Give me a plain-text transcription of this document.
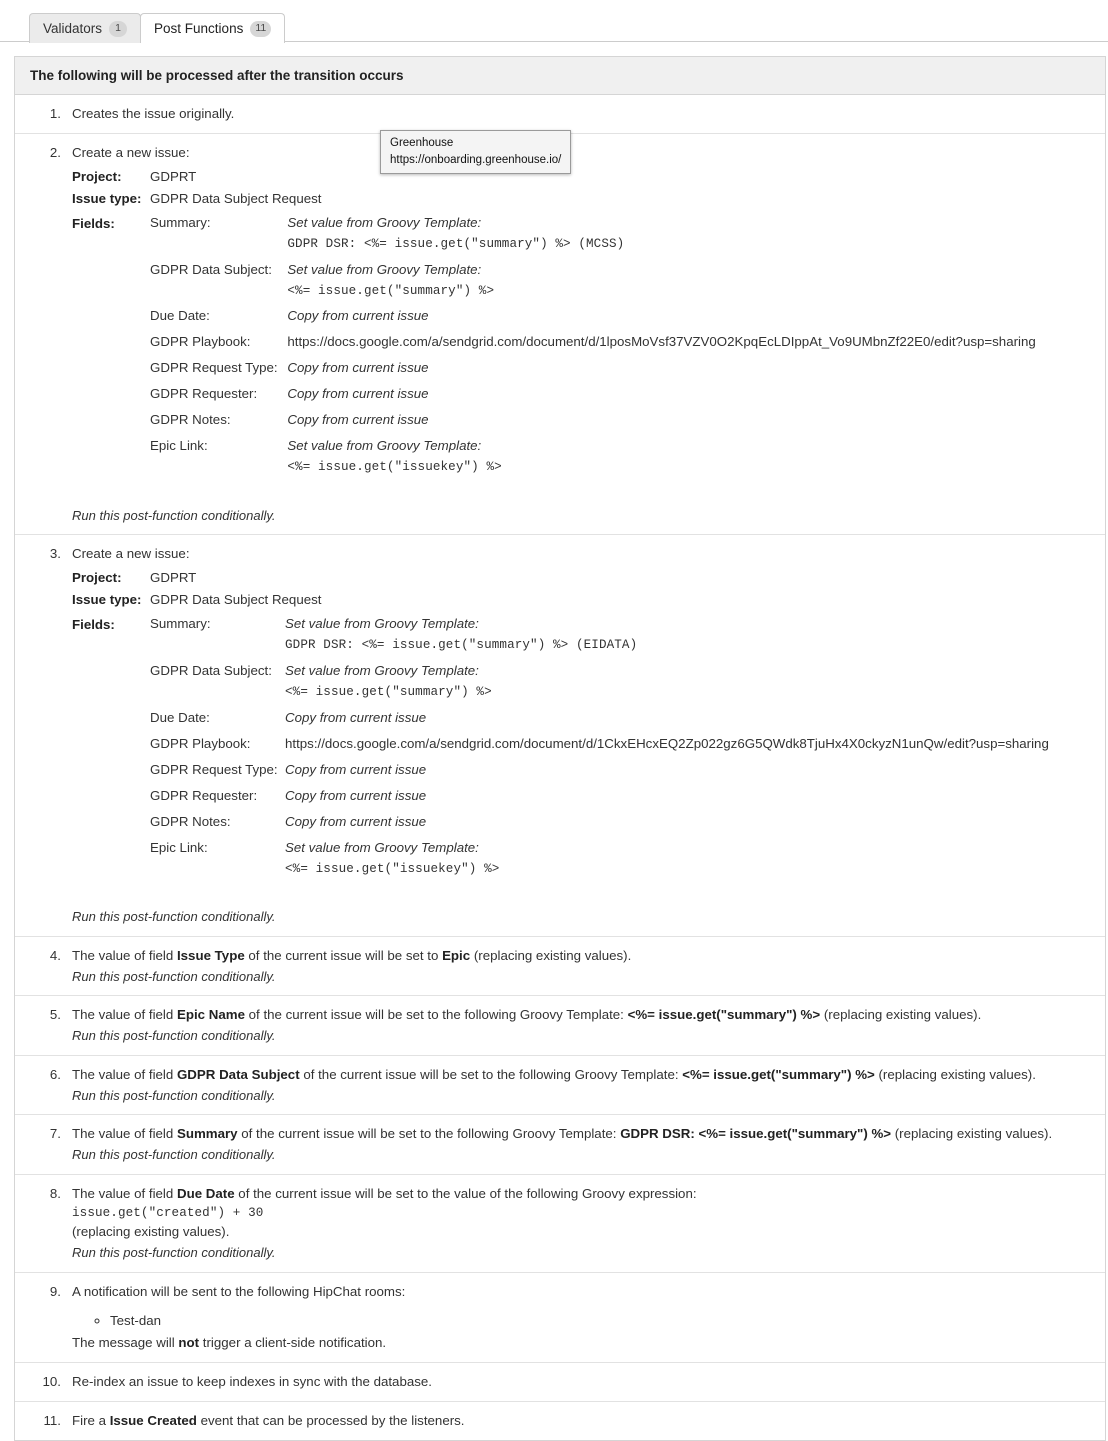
Validators	1	Post Functions	11
The following will be processed after the transition occurs
Creates the issue originally.
Create a new issue:
Project:	GDPRT
Issue type: GDPR Data Subject Request
Fields:	Summary:	Set value from Groovy Template:
GDPR DSR: <%= issue.get("summary") %> (MCSS)

GDPR Data Subject:	Set value from Groovy Template:
<%= issue.get("summary") %>

Due Date:	Copy from current issue
GDPR Playbook:	https://docs.google.com/a/sendgrid.com/document/d/1lposMoVsf37VZV0O2KpqEcLDIppAt_Vo9UMbnZf22E0/edit?usp=sharing
GDPR Request Type:	Copy from current issue
GDPR Requester:	Copy from current issue
GDPR Notes:	Copy from current issue
Epic Link:	Set value from Groovy Template:
<%= issue.get("issuekey") %>
Run this post-function conditionally.
Create a new issue:
Project:	GDPRT
Issue type: GDPR Data Subject Request
Fields:	Summary:	Set value from Groovy Template:
GDPR DSR: <%= issue.get("summary") %> (EIDATA)

GDPR Data Subject:	Set value from Groovy Template:
<%= issue.get("summary") %>

Due Date:	Copy from current issue
GDPR Playbook:	https://docs.google.com/a/sendgrid.com/document/d/1CkxEHcxEQ2Zp022gz6G5QWdk8TjuHx4X0ckyzN1unQw/edit?usp=sharing
GDPR Request Type:	Copy from current issue
GDPR Requester:	Copy from current issue
GDPR Notes:	Copy from current issue
Epic Link:	Set value from Groovy Template:
<%= issue.get("issuekey") %>
Run this post-function conditionally.
The value of field Issue Type of the current issue will be set to Epic (replacing existing values).
Run this post-function conditionally.
The value of field Epic Name of the current issue will be set to the following Groovy Template: <%= issue.get("summary") %> (replacing existing values).
Run this post-function conditionally.
The value of field GDPR Data Subject of the current issue will be set to the following Groovy Template: <%= issue.get("summary") %> (replacing existing values).
Run this post-function conditionally.
The value of field Summary of the current issue will be set to the following Groovy Template: GDPR DSR: <%= issue.get("summary") %> (replacing existing values).
Run this post-function conditionally.
The value of field Due Date of the current issue will be set to the value of the following Groovy expression:
issue.get("created") + 30
(replacing existing values).
Run this post-function conditionally.
A notification will be sent to the following HipChat rooms:
◦ Test-dan
The message will not trigger a client-side notification.
Re-index an issue to keep indexes in sync with the database.
Fire a Issue Created event that can be processed by the listeners.
Greenhouse
https://onboarding.greenhouse.io/
